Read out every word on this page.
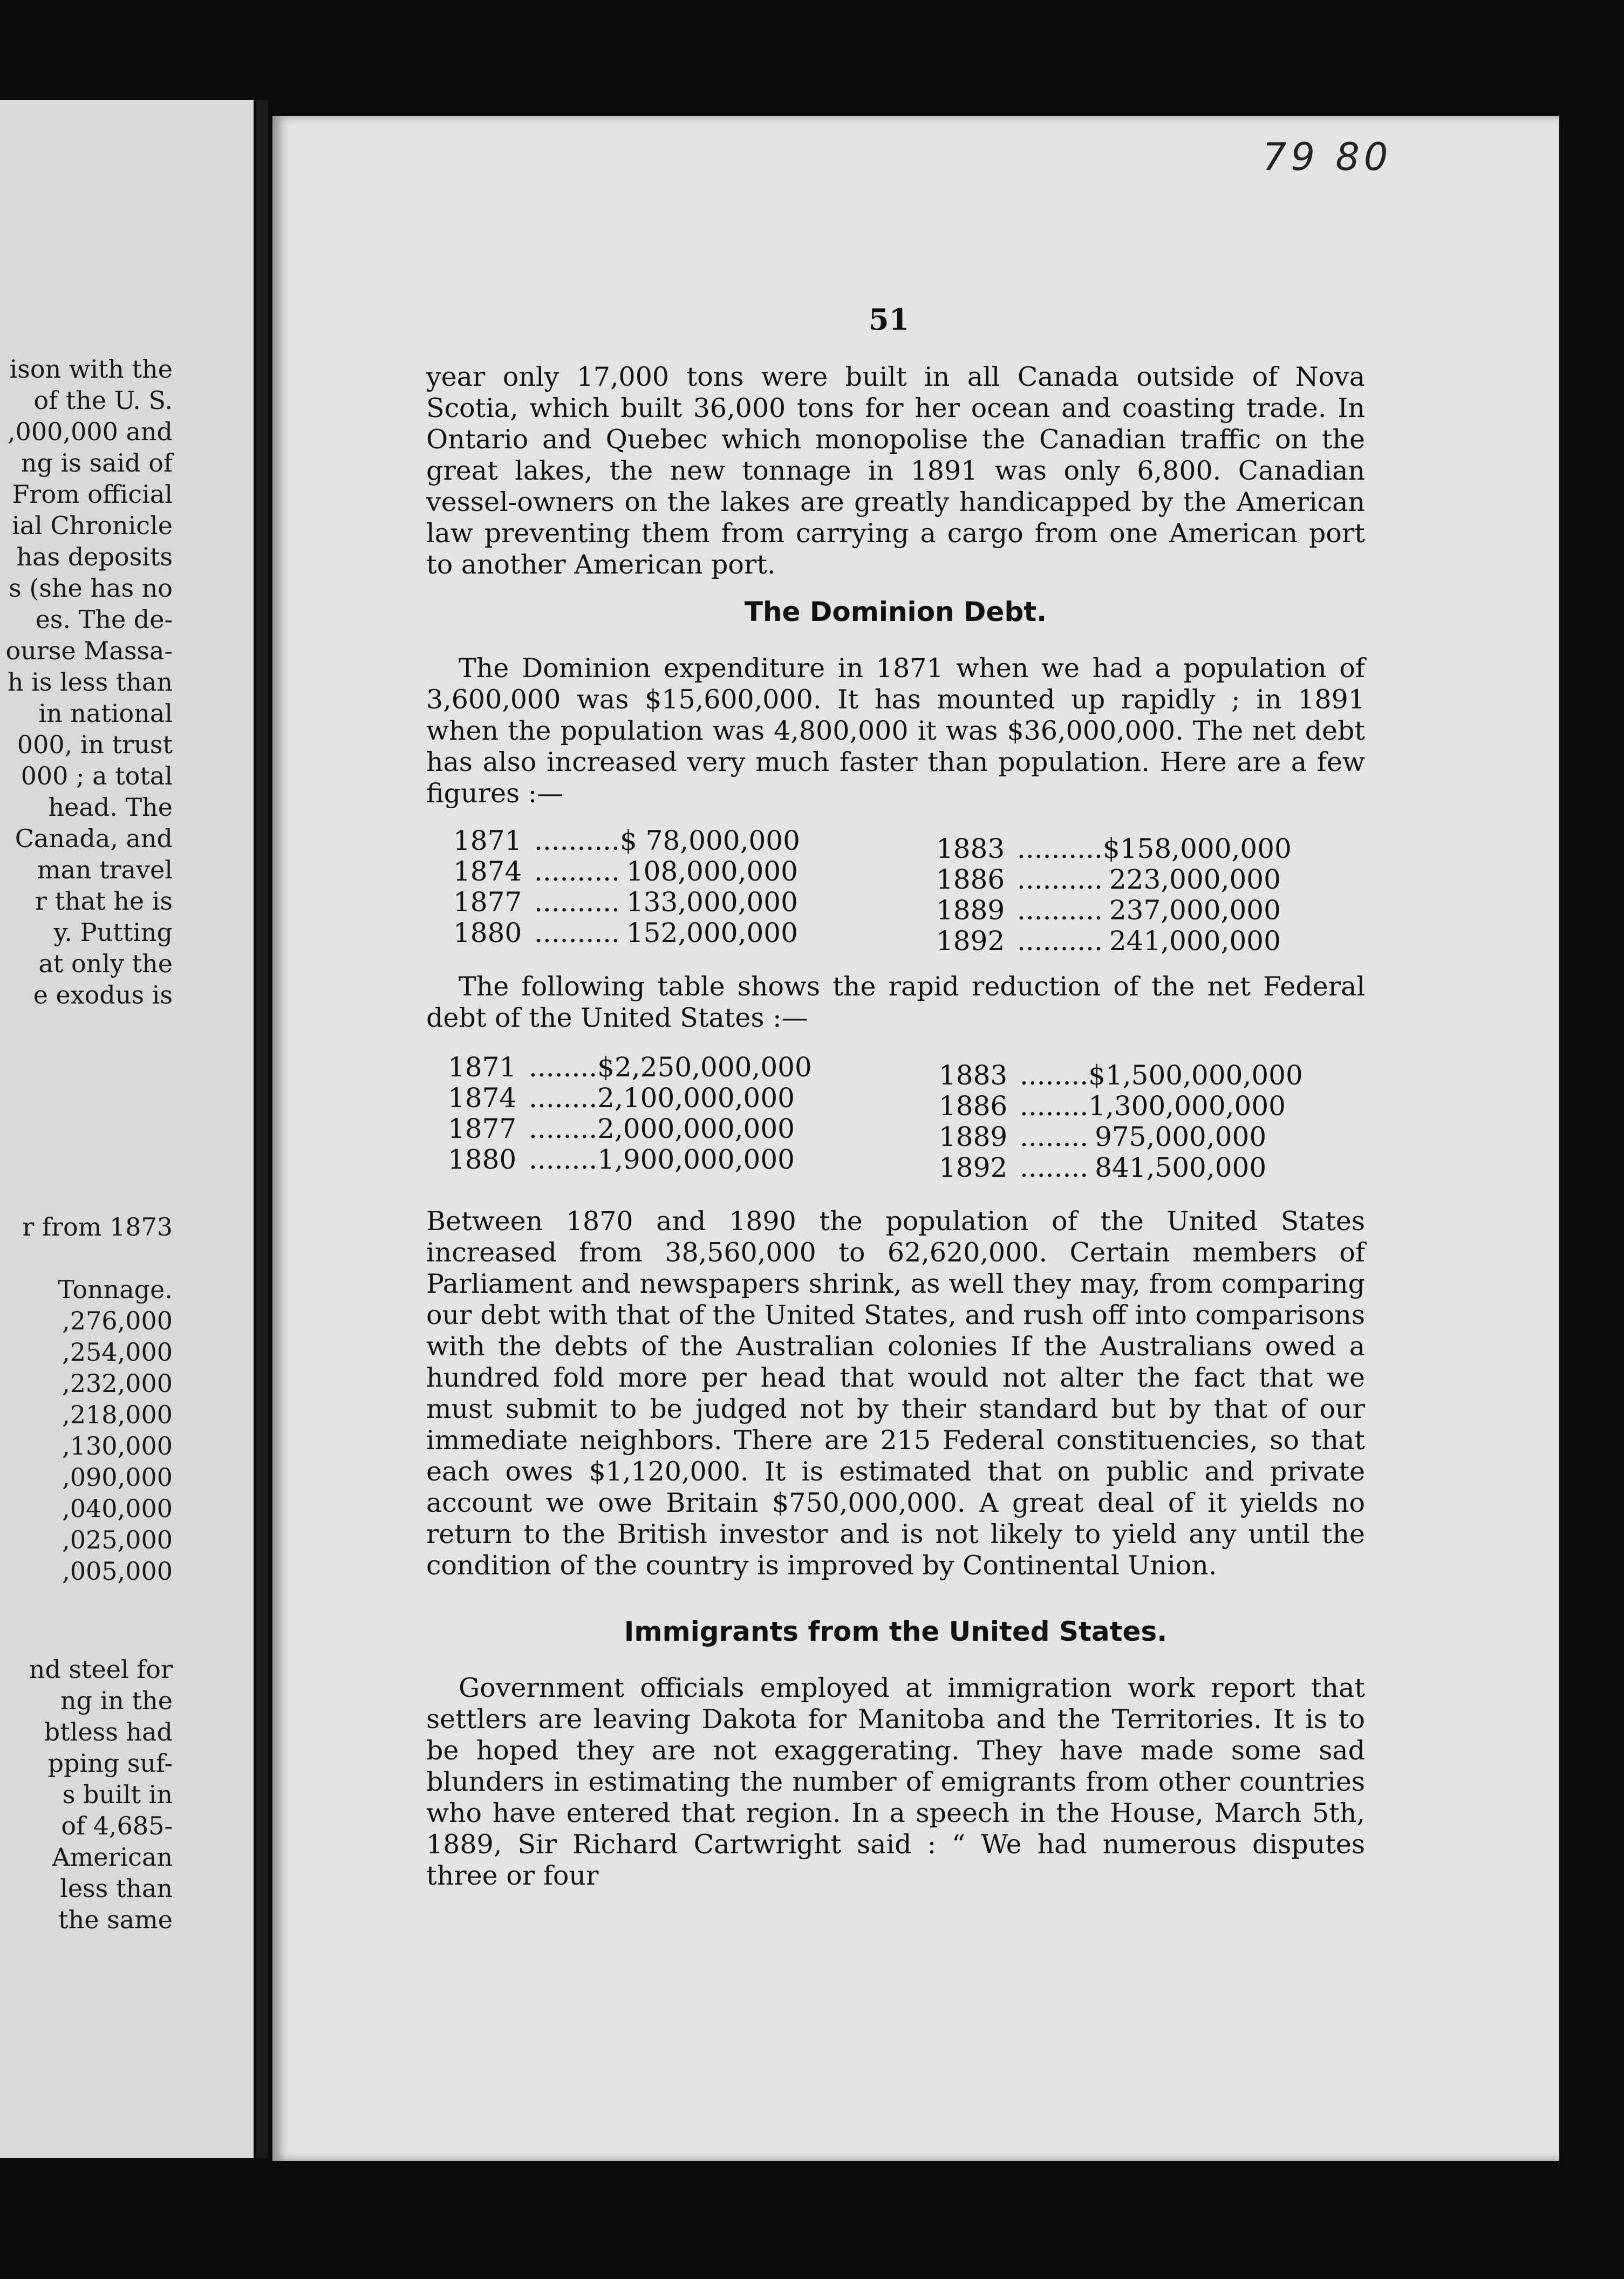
ison with the
of the U. S.
,000,000 and
ng is said of
From official
ial Chronicle
has deposits
s (she has no
es. The de-
ourse Massa-
h is less than
in national
000, in trust
000 ; a total
head. The
Canada, and
man travel
r that he is
y. Putting
at only the
e exodus is
r from 1873

Tonnage.
,276,000
,254,000
,232,000
,218,000
,130,000
,090,000
,040,000
,025,000
,005,000
nd steel for
ng in the
btless had
pping suf-
s built in
of 4,685-
American
less than
the same
79 80
51

year only 17,000 tons were built in all Canada outside of Nova Scotia, which built 36,000 tons for her ocean and coasting trade. In Ontario and Quebec which monopolise the Canadian traffic on the great lakes, the new tonnage in 1891 was only 6,800. Canadian vessel-owners on the lakes are greatly handicapped by the American law preventing them from carrying a cargo from one American port to another American port.

The Dominion Debt.

The Dominion expenditure in 1871 when we had a population of 3,600,000 was $15,600,000. It has mounted up rapidly ; in 1891 when the population was 4,800,000 it was $36,000,000. The net debt has also increased very much faster than population. Here are a few figures :—

1871 ..........$ 78,000,000
1874 .......... 108,000,000
1877 .......... 133,000,000
1880 .......... 152,000,000
1883 ..........$158,000,000
1886 .......... 223,000,000
1889 .......... 237,000,000
1892 .......... 241,000,000

The following table shows the rapid reduction of the net Federal debt of the United States :—

1871 ........$2,250,000,000
1874 ........2,100,000,000
1877 ........2,000,000,000
1880 ........1,900,000,000
1883 ........$1,500,000,000
1886 ........1,300,000,000
1889 ........ 975,000,000
1892 ........ 841,500,000

Between 1870 and 1890 the population of the United States increased from 38,560,000 to 62,620,000. Certain members of Parliament and newspapers shrink, as well they may, from comparing our debt with that of the United States, and rush off into comparisons with the debts of the Australian colonies If the Australians owed a hundred fold more per head that would not alter the fact that we must submit to be judged not by their standard but by that of our immediate neighbors. There are 215 Federal constituencies, so that each owes $1,120,000. It is estimated that on public and private account we owe Britain $750,000,000. A great deal of it yields no return to the British investor and is not likely to yield any until the condition of the country is improved by Continental Union.

Immigrants from the United States.

Government officials employed at immigration work report that settlers are leaving Dakota for Manitoba and the Territories. It is to be hoped they are not exaggerating. They have made some sad blunders in estimating the number of emigrants from other countries who have entered that region. In a speech in the House, March 5th, 1889, Sir Richard Cartwright said : “ We had numerous disputes three or four
